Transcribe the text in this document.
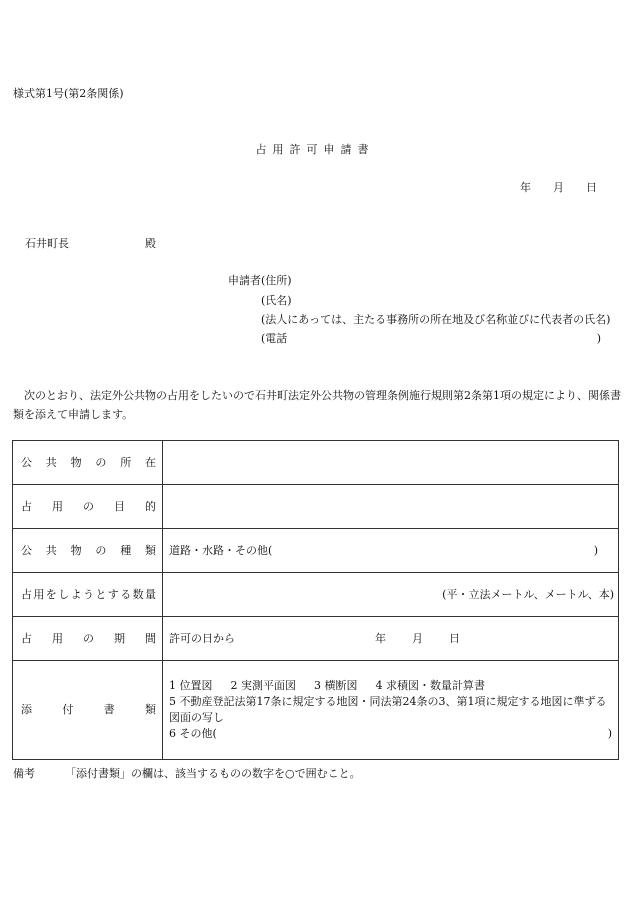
様式第1号(第2条関係)
占用許可申請書
年 月 日
石井町長	殿
申請者(住所)
(氏名)
(法人にあっては、主たる事務所の所在地及び名称並びに代表者の氏名)
(電話	)
次のとおり、法定外公共物の占用をしたいので石井町法定外公共物の管理条例施行規則第2条第1項の規定により、関係書類を添えて申請します。
公共物の所在	

占用の目的	

公共物の種類	道路・水路・その他( )

占用をしようとする数量	(平・立法メートル、メートル、本)

占用の期間	許可の日から 年 月 日

添付書類	1 位置図 2 実測平面図 3 横断図 4 求積図・数量計算書
5 不動産登記法第17条に規定する地図・同法第24条の3、第1項に規定する地図に準ずる図面の写し
6 その他( )
備考	「添付書類」の欄は、該当するものの数字を○で囲むこと。
